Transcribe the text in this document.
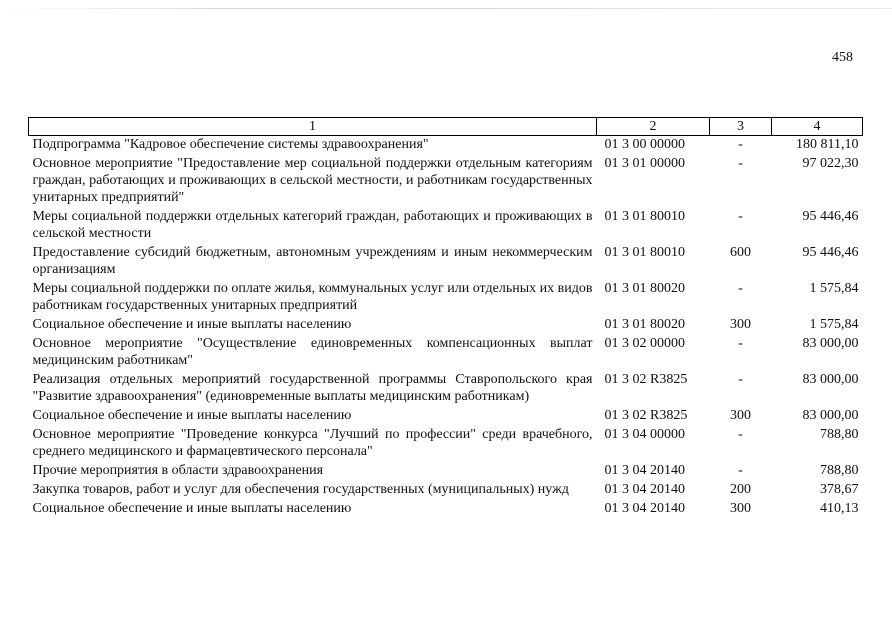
458
1	2	3	4
Подпрограмма "Кадровое обеспечение системы здравоохранения"	01 3 00 00000	-	180 811,10
Основное мероприятие "Предоставление мер социальной поддержки отдельным категориям граждан, работающих и проживающих в сельской местности, и работникам государственных унитарных предприятий"	01 3 01 00000	-	97 022,30
Меры социальной поддержки отдельных категорий граждан, работающих и проживающих в сельской местности	01 3 01 80010	-	95 446,46
Предоставление субсидий бюджетным, автономным учреждениям и иным некоммерческим организациям	01 3 01 80010	600	95 446,46
Меры социальной поддержки по оплате жилья, коммунальных услуг или отдельных их видов работникам государственных унитарных предприятий	01 3 01 80020	-	1 575,84
Социальное обеспечение и иные выплаты населению	01 3 01 80020	300	1 575,84
Основное мероприятие "Осуществление единовременных компенсационных выплат медицинским работникам"	01 3 02 00000	-	83 000,00
Реализация отдельных мероприятий государственной программы Ставропольского края "Развитие здравоохранения" (единовременные выплаты медицинским работникам)	01 3 02 R3825	-	83 000,00
Социальное обеспечение и иные выплаты населению	01 3 02 R3825	300	83 000,00
Основное мероприятие "Проведение конкурса "Лучший по профессии" среди врачебного, среднего медицинского и фармацевтического персонала"	01 3 04 00000	-	788,80
Прочие мероприятия в области здравоохранения	01 3 04 20140	-	788,80
Закупка товаров, работ и услуг для обеспечения государственных (муниципальных) нужд	01 3 04 20140	200	378,67
Социальное обеспечение и иные выплаты населению	01 3 04 20140	300	410,13
